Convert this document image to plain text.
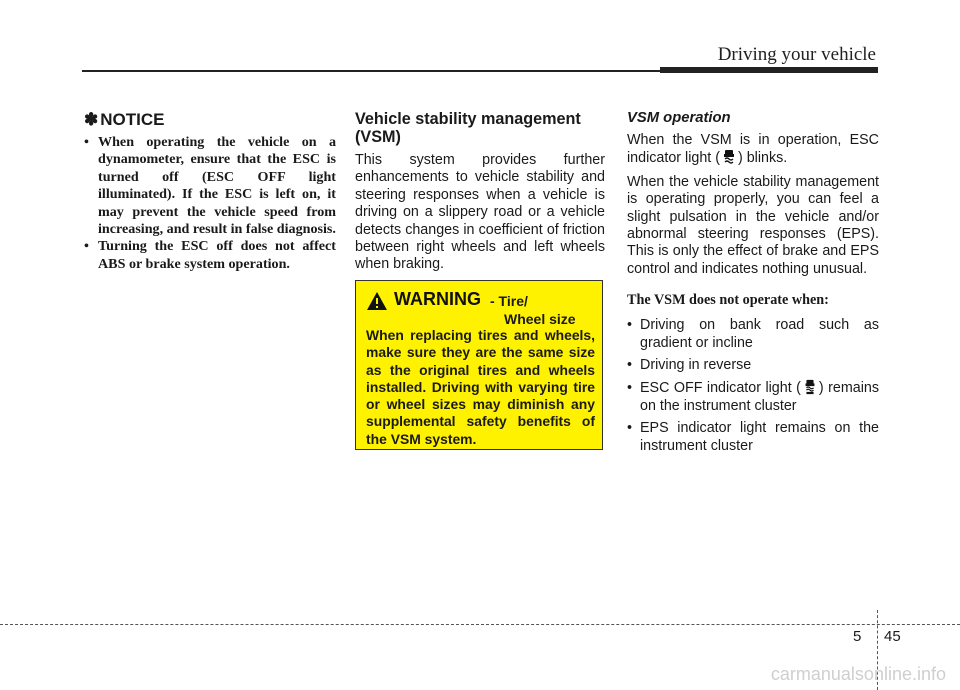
Driving your vehicle
✽ NOTICE
• When operating the vehicle on a dynamometer, ensure that the ESC is turned off (ESC OFF light illuminated). If the ESC is left on, it may prevent the vehicle speed from increasing, and result in false diagnosis.
• Turning the ESC off does not affect ABS or brake system operation.
Vehicle stability management (VSM)

This system provides further enhancements to vehicle stability and steering responses when a vehicle is driving on a slippery road or a vehicle detects changes in coefficient of friction between right wheels and left wheels when braking.

WARNING - Tire/
Wheel size

When replacing tires and wheels, make sure they are the same size as the original tires and wheels installed. Driving with varying tire or wheel sizes may diminish any supplemental safety benefits of the VSM system.

VSM operation

When the VSM is in operation, ESC indicator light ( ) blinks.

When the vehicle stability management is operating properly, you can feel a slight pulsation in the vehicle and/or abnormal steering responses (EPS). This is only the effect of brake and EPS control and indicates nothing unusual.

The VSM does not operate when:
• Driving on bank road such as gradient or incline
• Driving in reverse
• ESC OFF indicator light ( ) remains on the instrument cluster
• EPS indicator light remains on the instrument cluster
5 45
carmanualsonline.info
